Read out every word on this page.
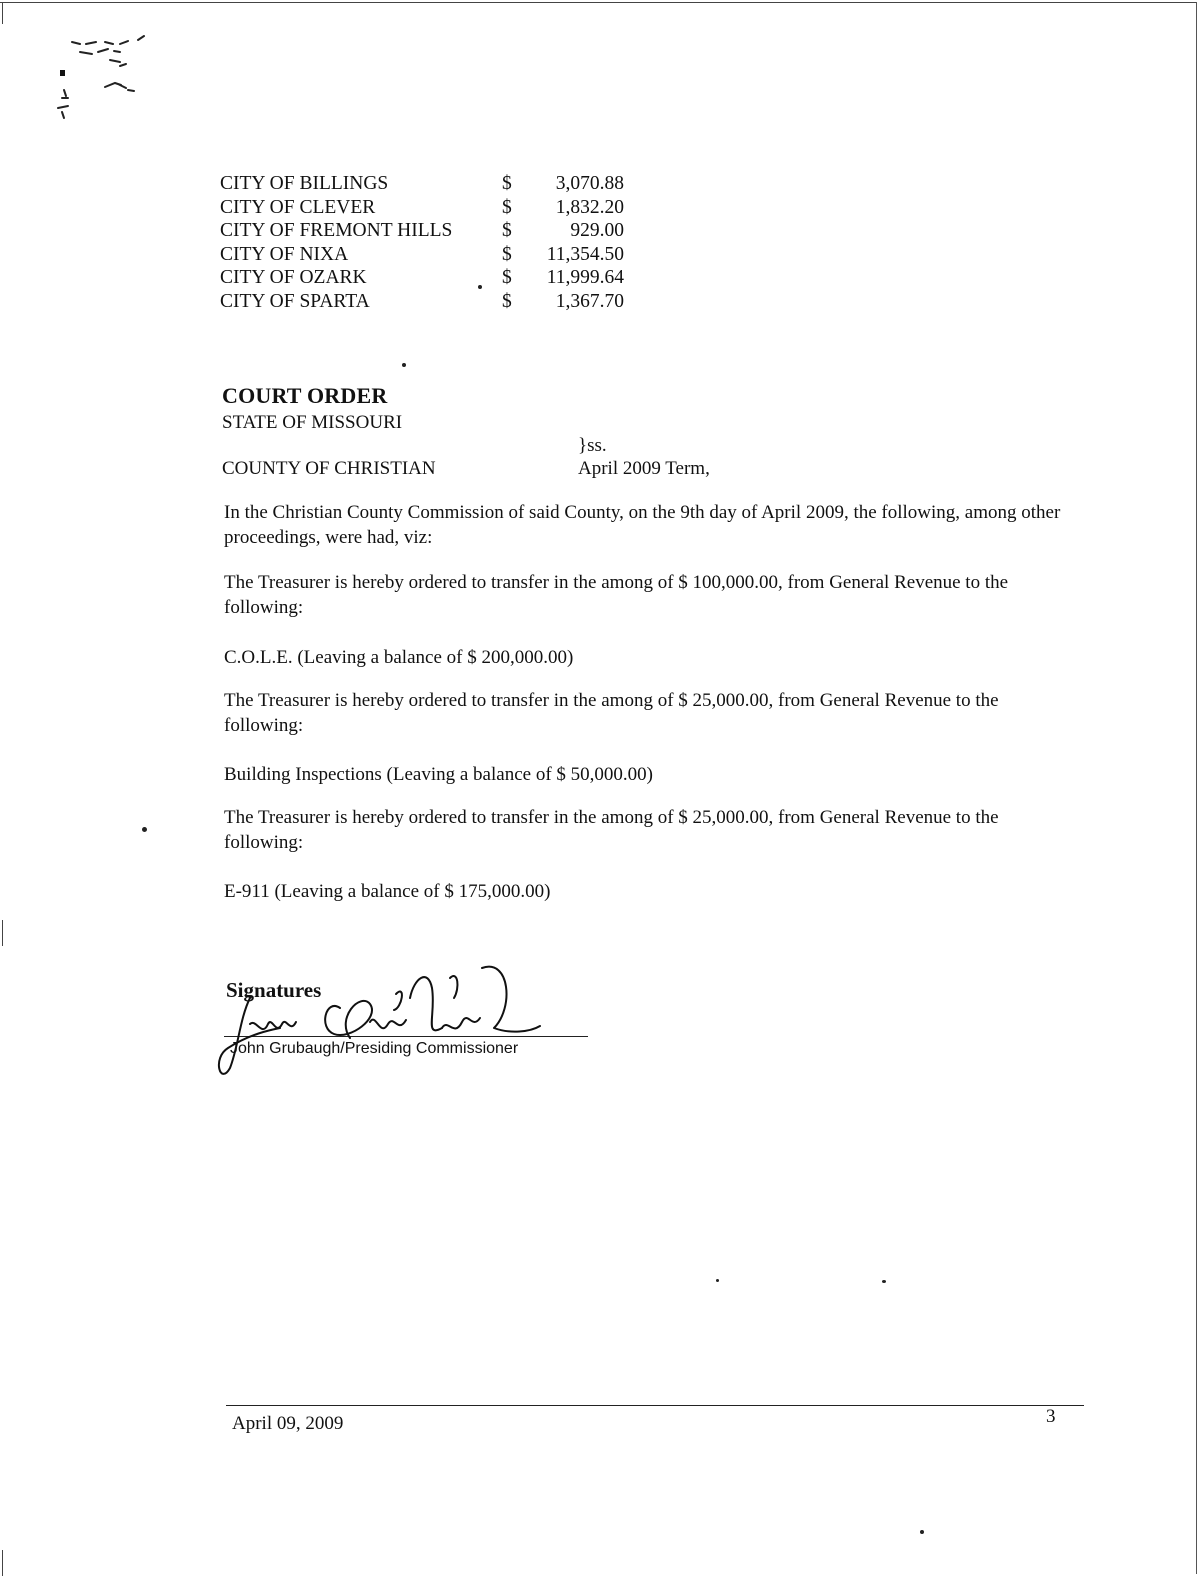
CITY OF BILLINGS	$ 3,070.88
CITY OF CLEVER	$ 1,832.20
CITY OF FREMONT HILLS	$	929.00
CITY OF NIXA	$ 11,354.50
CITY OF OZARK	$ 11,999.64
CITY OF SPARTA	$ 1,367.70
COURT ORDER
STATE OF MISSOURI
}ss.
COUNTY OF CHRISTIAN	April 2009 Term,
In the Christian County Commission of said County, on the 9th day of April 2009, the following, among other proceedings, were had, viz:
The Treasurer is hereby ordered to transfer in the among of $ 100,000.00, from General Revenue to the following:
C.O.L.E. (Leaving a balance of $ 200,000.00)
The Treasurer is hereby ordered to transfer in the among of $ 25,000.00, from General Revenue to the following:
Building Inspections (Leaving a balance of $ 50,000.00)
The Treasurer is hereby ordered to transfer in the among of $ 25,000.00, from General Revenue to the following:
E-911 (Leaving a balance of $ 175,000.00)
Signatures
John Grubaugh/Presiding Commissioner
April 09, 2009	3
